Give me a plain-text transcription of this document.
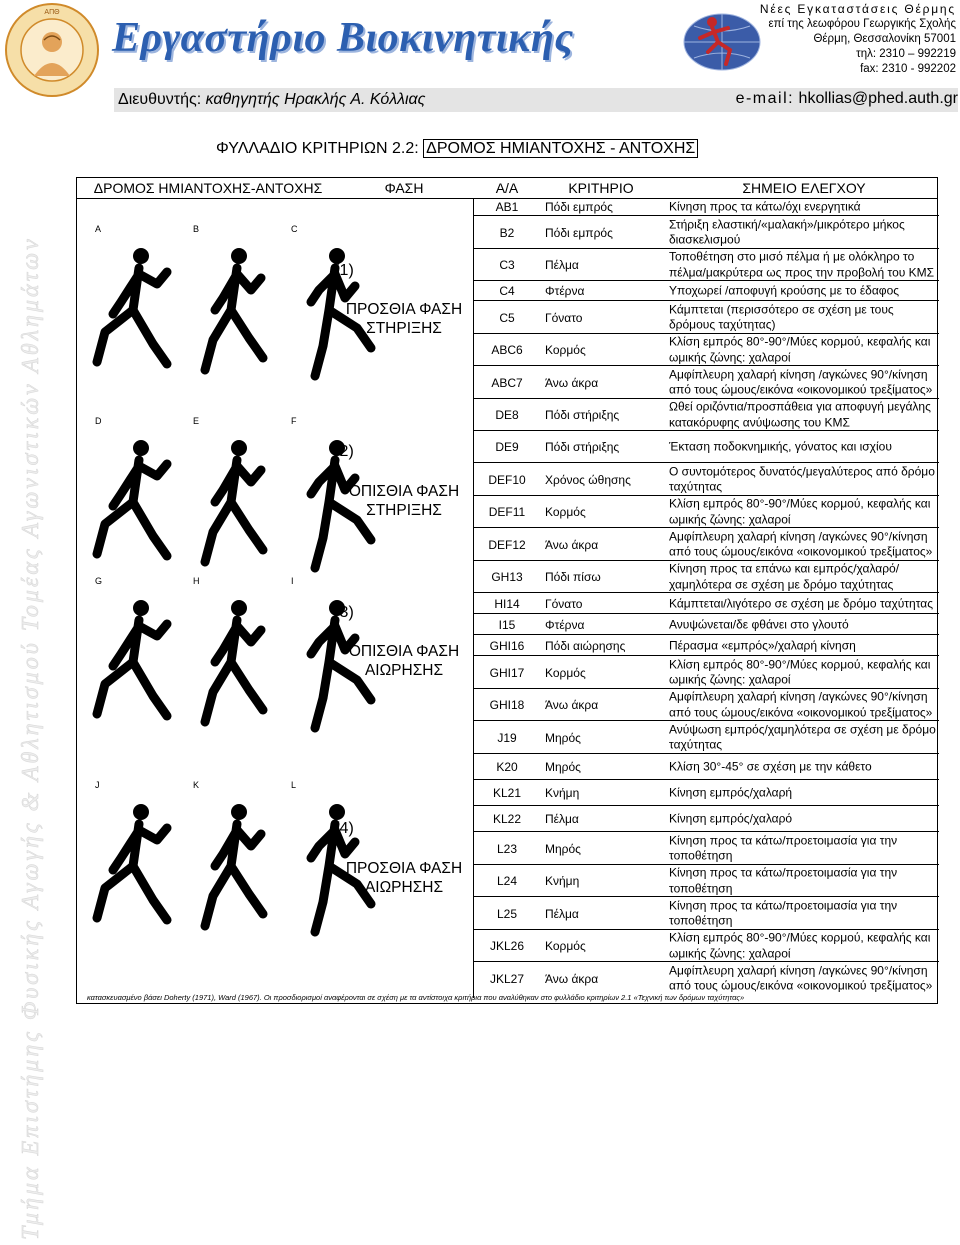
ΑΠΘ
Εργαστήριο Βιοκινητικής
Νέες Εγκαταστάσεις Θέρμης
επί της λεωφόρου Γεωργικής Σχολής
Θέρμη, Θεσσαλονίκη 57001
τηλ: 2310 – 992219
fax: 2310 - 992202
Διευθυντής: καθηγητής Ηρακλής Α. Κόλλιας	e-mail: hkollias@phed.auth.gr
Τμήμα Επιστήμης Φυσικής Αγωγής & Αθλητισμού Τομέας Αγωνιστικών Αθλημάτων
ΦΥΛΛΑΔΙΟ ΚΡΙΤΗΡΙΩΝ 2.2: ΔΡΟΜΟΣ ΗΜΙΑΝΤΟΧΗΣ - ΑΝΤΟΧΗΣ
ΔΡΟΜΟΣ ΗΜΙΑΝΤΟΧΗΣ-ΑΝΤΟΧΗΣ	ΦΑΣΗ	Α/Α	ΚΡΙΤΗΡΙΟ	ΣΗΜΕΙΟ ΕΛΕΓΧΟΥ
A	B	C
D	E	F
G	H	I
J	K	L
(1)
ΠΡΟΣΘΙΑ ΦΑΣΗ ΣΤΗΡΙΞΗΣ
(2)
ΟΠΙΣΘΙΑ ΦΑΣΗ ΣΤΗΡΙΞΗΣ
(3)
ΟΠΙΣΘΙΑ ΦΑΣΗ ΑΙΩΡΗΣΗΣ
(4)
ΠΡΟΣΘΙΑ ΦΑΣΗ ΑΙΩΡΗΣΗΣ
AB1	Πόδι εμπρός	Κίνηση προς τα κάτω/όχι ενεργητικά
B2	Πόδι εμπρός
Στήριξη ελαστική/«μαλακή»/μικρότερο μήκος διασκελισμού
C3	Πέλμα
Τοποθέτηση στο μισό πέλμα ή με ολόκληρο το πέλμα/μακρύτερα ως προς την προβολή του ΚΜΣ
C4	Φτέρνα	Υποχωρεί /αποφυγή κρούσης με το έδαφος
C5	Γόνατο
Κάμπτεται (περισσότερο σε σχέση με τους δρόμους ταχύτητας)
ABC6	Κορμός
Κλίση εμπρός 80°-90°/Μύες κορμού, κεφαλής και ωμικής ζώνης: χαλαροί
ABC7	Άνω άκρα
Αμφίπλευρη χαλαρή κίνηση /αγκώνες 90°/κίνηση από τους ώμους/εικόνα «οικονομικού τρεξίματος»
DE8	Πόδι στήριξης
Ωθεί οριζόντια/προσπάθεια για αποφυγή μεγάλης κατακόρυφης ανύψωσης του ΚΜΣ
DE9	Πόδι στήριξης	Έκταση ποδοκνημικής, γόνατος και ισχίου
DEF10	Χρόνος ώθησης
Ο συντομότερος δυνατός/μεγαλύτερος από δρόμο ταχύτητας
DEF11	Κορμός
Κλίση εμπρός 80°-90°/Μύες κορμού, κεφαλής και ωμικής ζώνης: χαλαροί
DEF12	Άνω άκρα
Αμφίπλευρη χαλαρή κίνηση /αγκώνες 90°/κίνηση από τους ώμους/εικόνα «οικονομικού τρεξίματος»
GH13	Πόδι πίσω
Κίνηση προς τα επάνω και εμπρός/χαλαρό/ χαμηλότερα σε σχέση με δρόμο ταχύτητας
HI14	Γόνατο	Κάμπτεται/λιγότερο σε σχέση με δρόμο ταχύτητας
I15	Φτέρνα	Ανυψώνεται/δε φθάνει στο γλουτό
GHI16	Πόδι αιώρησης	Πέρασμα «εμπρός»/χαλαρή κίνηση
GHI17	Κορμός
Κλίση εμπρός 80°-90°/Μύες κορμού, κεφαλής και ωμικής ζώνης: χαλαροί
GHI18	Άνω άκρα
Αμφίπλευρη χαλαρή κίνηση /αγκώνες 90°/κίνηση από τους ώμους/εικόνα «οικονομικού τρεξίματος»
J19	Μηρός
Ανύψωση εμπρός/χαμηλότερα σε σχέση με δρόμο ταχύτητας
K20	Μηρός	Κλίση 30°-45° σε σχέση με την κάθετο
KL21	Κνήμη	Κίνηση εμπρός/χαλαρή
KL22	Πέλμα	Κίνηση εμπρός/χαλαρό
L23	Μηρός
Κίνηση προς τα κάτω/προετοιμασία για την τοποθέτηση
L24	Κνήμη
Κίνηση προς τα κάτω/προετοιμασία για την τοποθέτηση
L25	Πέλμα
Κίνηση προς τα κάτω/προετοιμασία για την τοποθέτηση
JKL26	Κορμός
Κλίση εμπρός 80°-90°/Μύες κορμού, κεφαλής και ωμικής ζώνης: χαλαροί
JKL27	Άνω άκρα
Αμφίπλευρη χαλαρή κίνηση /αγκώνες 90°/κίνηση από τους ώμους/εικόνα «οικονομικού τρεξίματος»
κατασκευασμένο βάσει Doherty (1971), Ward (1967). Οι προσδιορισμοί αναφέρονται σε σχέση με τα αντίστοιχα κριτήρια που αναλύθηκαν στο φυλλάδιο κριτηρίων 2.1 «Τεχνική των δρόμων ταχύτητας»
